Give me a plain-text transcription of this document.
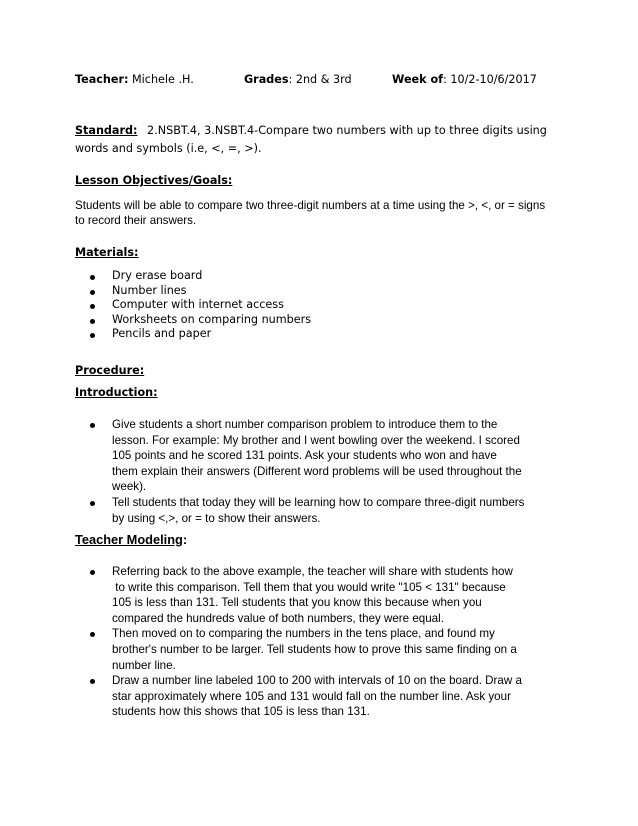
Teacher: Michele .H.	Grades: 2nd & 3rd	Week of: 10/2-10/6/2017
Standard: 2.NSBT.4, 3.NSBT.4-Compare two numbers with up to three digits using
words and symbols (i.e, <, =, >).
Lesson Objectives/Goals:
Students will be able to compare two three-digit numbers at a time using the >, <, or = signs
to record their answers.
Materials:
Dry erase board
Number lines
Computer with internet access
Worksheets on comparing numbers
Pencils and paper
Procedure:
Introduction:
Give students a short number comparison problem to introduce them to the
lesson. For example: My brother and I went bowling over the weekend. I scored
105 points and he scored 131 points. Ask your students who won and have
them explain their answers (Different word problems will be used throughout the
week).
Tell students that today they will be learning how to compare three-digit numbers
by using <,>, or = to show their answers.
Teacher Modeling:
Referring back to the above example, the teacher will share with students how
to write this comparison. Tell them that you would write "105 < 131" because
105 is less than 131. Tell students that you know this because when you
compared the hundreds value of both numbers, they were equal.
Then moved on to comparing the numbers in the tens place, and found my
brother's number to be larger. Tell students how to prove this same finding on a
number line.
Draw a number line labeled 100 to 200 with intervals of 10 on the board. Draw a
star approximately where 105 and 131 would fall on the number line. Ask your
students how this shows that 105 is less than 131.
